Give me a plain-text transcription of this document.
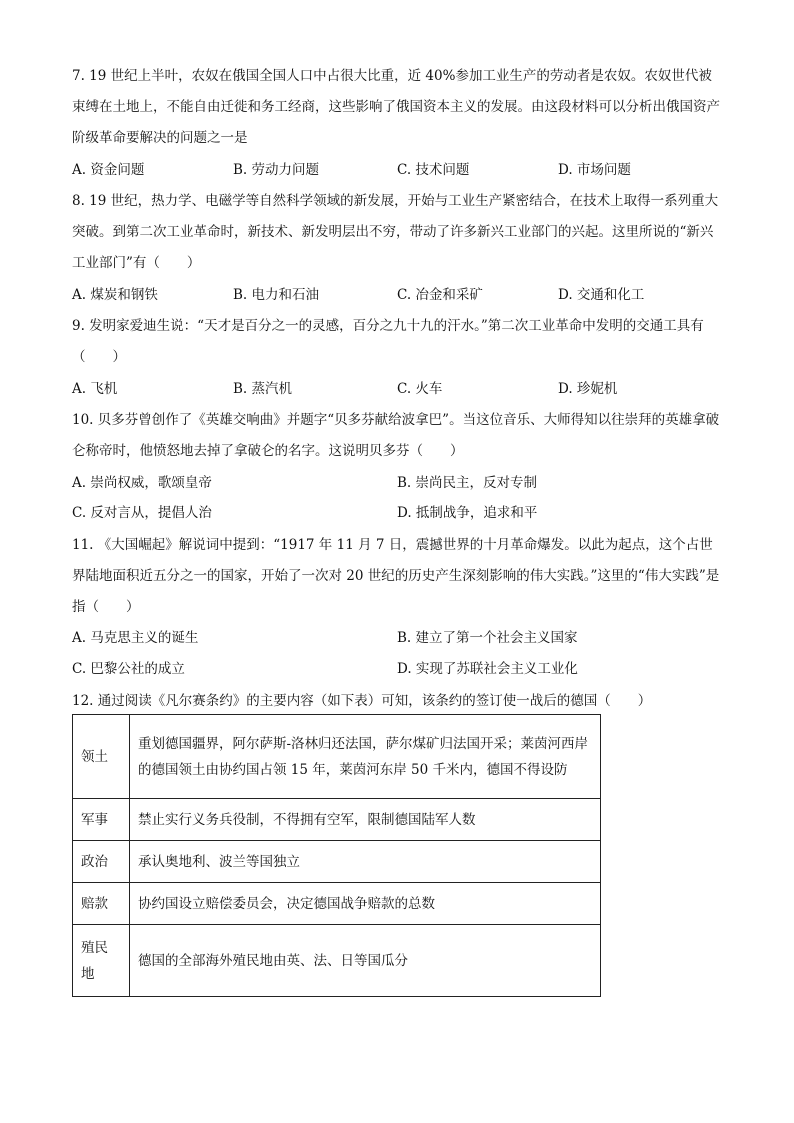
7. 19 世纪上半叶，农奴在俄国全国人口中占很大比重，近 40%参加工业生产的劳动者是农奴。农奴世代被束缚在土地上，不能自由迁徙和务工经商，这些影响了俄国资本主义的发展。由这段材料可以分析出俄国资产阶级革命要解决的问题之一是

A. 资金问题	B. 劳动力问题	C. 技术问题	D. 市场问题

8. 19 世纪，热力学、电磁学等自然科学领域的新发展，开始与工业生产紧密结合，在技术上取得一系列重大突破。到第二次工业革命时，新技术、新发明层出不穷，带动了许多新兴工业部门的兴起。这里所说的“新兴工业部门”有（　　）

A. 煤炭和钢铁	B. 电力和石油	C. 冶金和采矿	D. 交通和化工

9. 发明家爱迪生说：“天才是百分之一的灵感，百分之九十九的汗水。”第二次工业革命中发明的交通工具有（　　）

A. 飞机	B. 蒸汽机	C. 火车	D. 珍妮机

10. 贝多芬曾创作了《英雄交响曲》并题字“贝多芬献给波拿巴”。当这位音乐、大师得知以往崇拜的英雄拿破仑称帝时，他愤怒地去掉了拿破仑的名字。这说明贝多芬（　　）

A. 崇尚权威，歌颂皇帝	B. 崇尚民主，反对专制
C. 反对言从，提倡人治	D. 抵制战争，追求和平

11. 《大国崛起》解说词中提到：“1917 年 11 月 7 日，震撼世界的十月革命爆发。以此为起点，这个占世界陆地面积近五分之一的国家，开始了一次对 20 世纪的历史产生深刻影响的伟大实践。”这里的“伟大实践”是指（　　）

A. 马克思主义的诞生	B. 建立了第一个社会主义国家
C. 巴黎公社的成立	D. 实现了苏联社会主义工业化

12. 通过阅读《凡尔赛条约》的主要内容（如下表）可知，该条约的签订使一战后的德国（　　）

领土	重划德国疆界，阿尔萨斯-洛林归还法国，萨尔煤矿归法国开采；莱茵河西岸的德国领土由协约国占领 15 年，莱茵河东岸 50 千米内，德国不得设防
军事	禁止实行义务兵役制，不得拥有空军，限制德国陆军人数
政治	承认奥地利、波兰等国独立
赔款	协约国设立赔偿委员会，决定德国战争赔款的总数
殖民地	德国的全部海外殖民地由英、法、日等国瓜分
